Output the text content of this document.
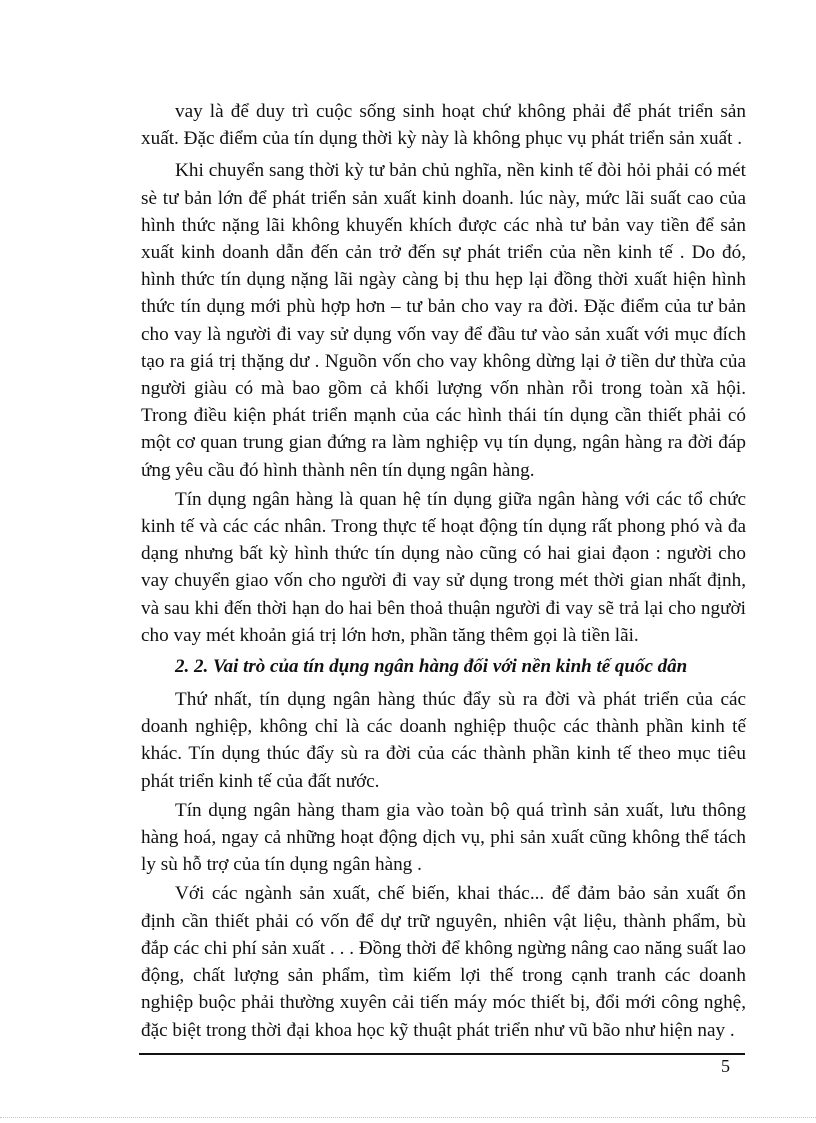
vay là để duy trì cuộc sống sinh hoạt chứ không phải để phát triển sản xuất. Đặc điểm của tín dụng thời kỳ này là không phục vụ phát triển sản xuất .

Khi chuyển sang thời kỳ tư bản chủ nghĩa, nền kinh tế đòi hỏi phải có mét sè tư bản lớn để phát triển sản xuất kinh doanh. lúc này, mức lãi suất cao của hình thức nặng lãi không khuyến khích được các nhà tư bản vay tiền để sản xuất kinh doanh dẫn đến cản trở đến sự phát triển của nền kinh tế . Do đó, hình thức tín dụng nặng lãi ngày càng bị thu hẹp lại đồng thời xuất hiện hình thức tín dụng mới phù hợp hơn – tư bản cho vay ra đời. Đặc điểm của tư bản cho vay là người đi vay sử dụng vốn vay để đầu tư vào sản xuất với mục đích tạo ra giá trị thặng dư . Nguồn vốn cho vay không dừng lại ở tiền dư thừa của người giàu có mà bao gồm cả khối lượng vốn nhàn rỗi trong toàn xã hội. Trong điều kiện phát triển mạnh của các hình thái tín dụng cần thiết phải có một cơ quan trung gian đứng ra làm nghiệp vụ tín dụng, ngân hàng ra đời đáp ứng yêu cầu đó hình thành nên tín dụng ngân hàng.

Tín dụng ngân hàng là quan hệ tín dụng giữa ngân hàng với các tổ chức kinh tế và các các nhân. Trong thực tế hoạt động tín dụng rất phong phó và đa dạng nhưng bất kỳ hình thức tín dụng nào cũng có hai giai đạon : người cho vay chuyển giao vốn cho người đi vay sử dụng trong mét thời gian nhất định, và sau khi đến thời hạn do hai bên thoả thuận người đi vay sẽ trả lại cho người cho vay mét khoản giá trị lớn hơn, phần tăng thêm gọi là tiền lãi.

2. 2. Vai trò của tín dụng ngân hàng đối với nền kinh tế quốc dân

Thứ nhất, tín dụng ngân hàng thúc đẩy sù ra đời và phát triển của các doanh nghiệp, không chỉ là các doanh nghiệp thuộc các thành phần kinh tế khác. Tín dụng thúc đẩy sù ra đời của các thành phần kinh tế theo mục tiêu phát triển kinh tế của đất nước.

Tín dụng ngân hàng tham gia vào toàn bộ quá trình sản xuất, lưu thông hàng hoá, ngay cả những hoạt động dịch vụ, phi sản xuất cũng không thể tách ly sù hỗ trợ của tín dụng ngân hàng .

Với các ngành sản xuất, chế biến, khai thác... để đảm bảo sản xuất ổn định cần thiết phải có vốn để dự trữ nguyên, nhiên vật liệu, thành phẩm, bù đắp các chi phí sản xuất . . . Đồng thời để không ngừng nâng cao năng suất lao động, chất lượng sản phẩm, tìm kiếm lợi thế trong cạnh tranh các doanh nghiệp buộc phải thường xuyên cải tiến máy móc thiết bị, đổi mới công nghệ, đặc biệt trong thời đại khoa học kỹ thuật phát triển như vũ bão như hiện nay .

5
